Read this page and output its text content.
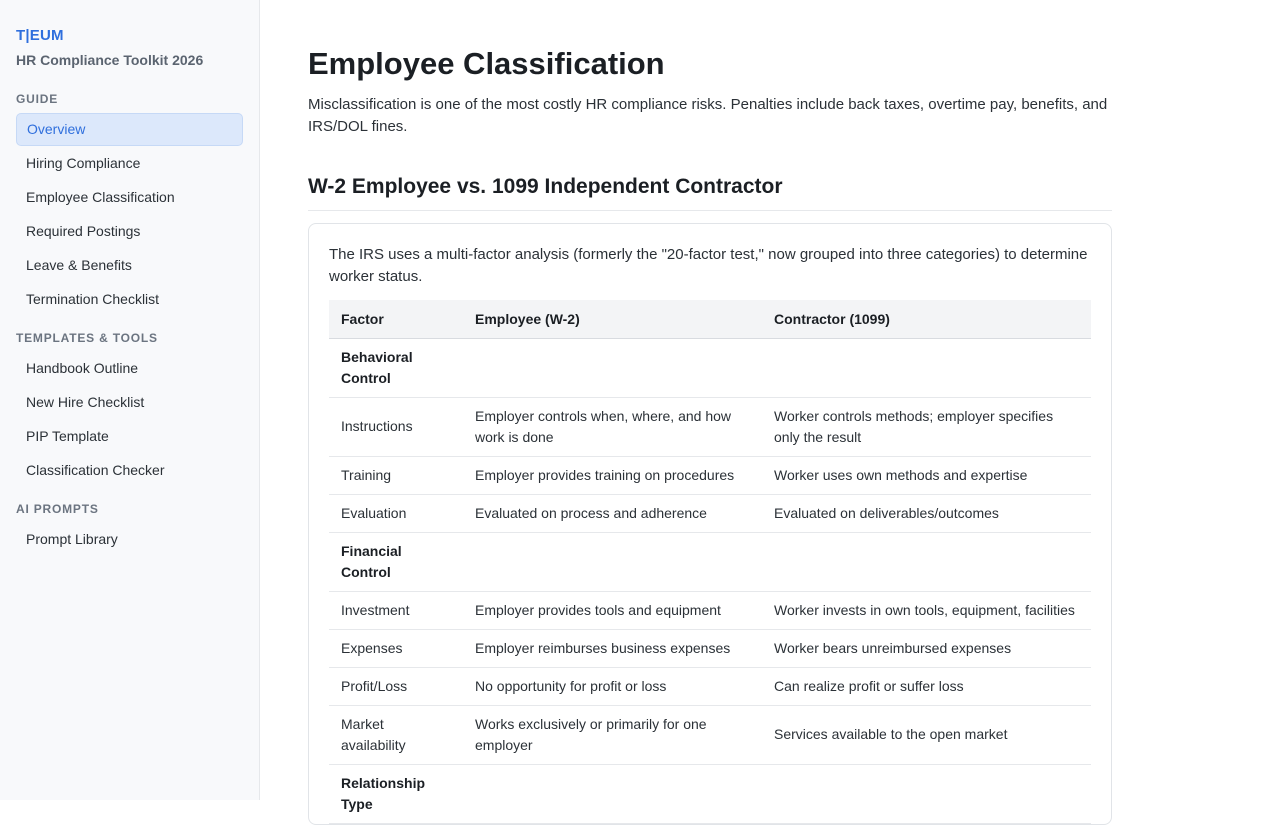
T|EUM
HR Compliance Toolkit 2026
GUIDE
Overview
Hiring Compliance
Employee Classification
Required Postings
Leave & Benefits
Termination Checklist
TEMPLATES & TOOLS
Handbook Outline
New Hire Checklist
PIP Template
Classification Checker
AI PROMPTS
Prompt Library
Employee Classification

Misclassification is one of the most costly HR compliance risks. Penalties include back taxes, overtime pay, benefits, and IRS/DOL fines.

W-2 Employee vs. 1099 Independent Contractor

The IRS uses a multi-factor analysis (formerly the "20-factor test," now grouped into three categories) to determine worker status.

Factor	Employee (W-2)	Contractor (1099)
Behavioral Control		
Instructions	Employer controls when, where, and how work is done	Worker controls methods; employer specifies only the result
Training	Employer provides training on procedures	Worker uses own methods and expertise
Evaluation	Evaluated on process and adherence	Evaluated on deliverables/outcomes
Financial Control		
Investment	Employer provides tools and equipment	Worker invests in own tools, equipment, facilities
Expenses	Employer reimburses business expenses	Worker bears unreimbursed expenses
Profit/Loss	No opportunity for profit or loss	Can realize profit or suffer loss
Market availability	Works exclusively or primarily for one employer	Services available to the open market
Relationship Type		
